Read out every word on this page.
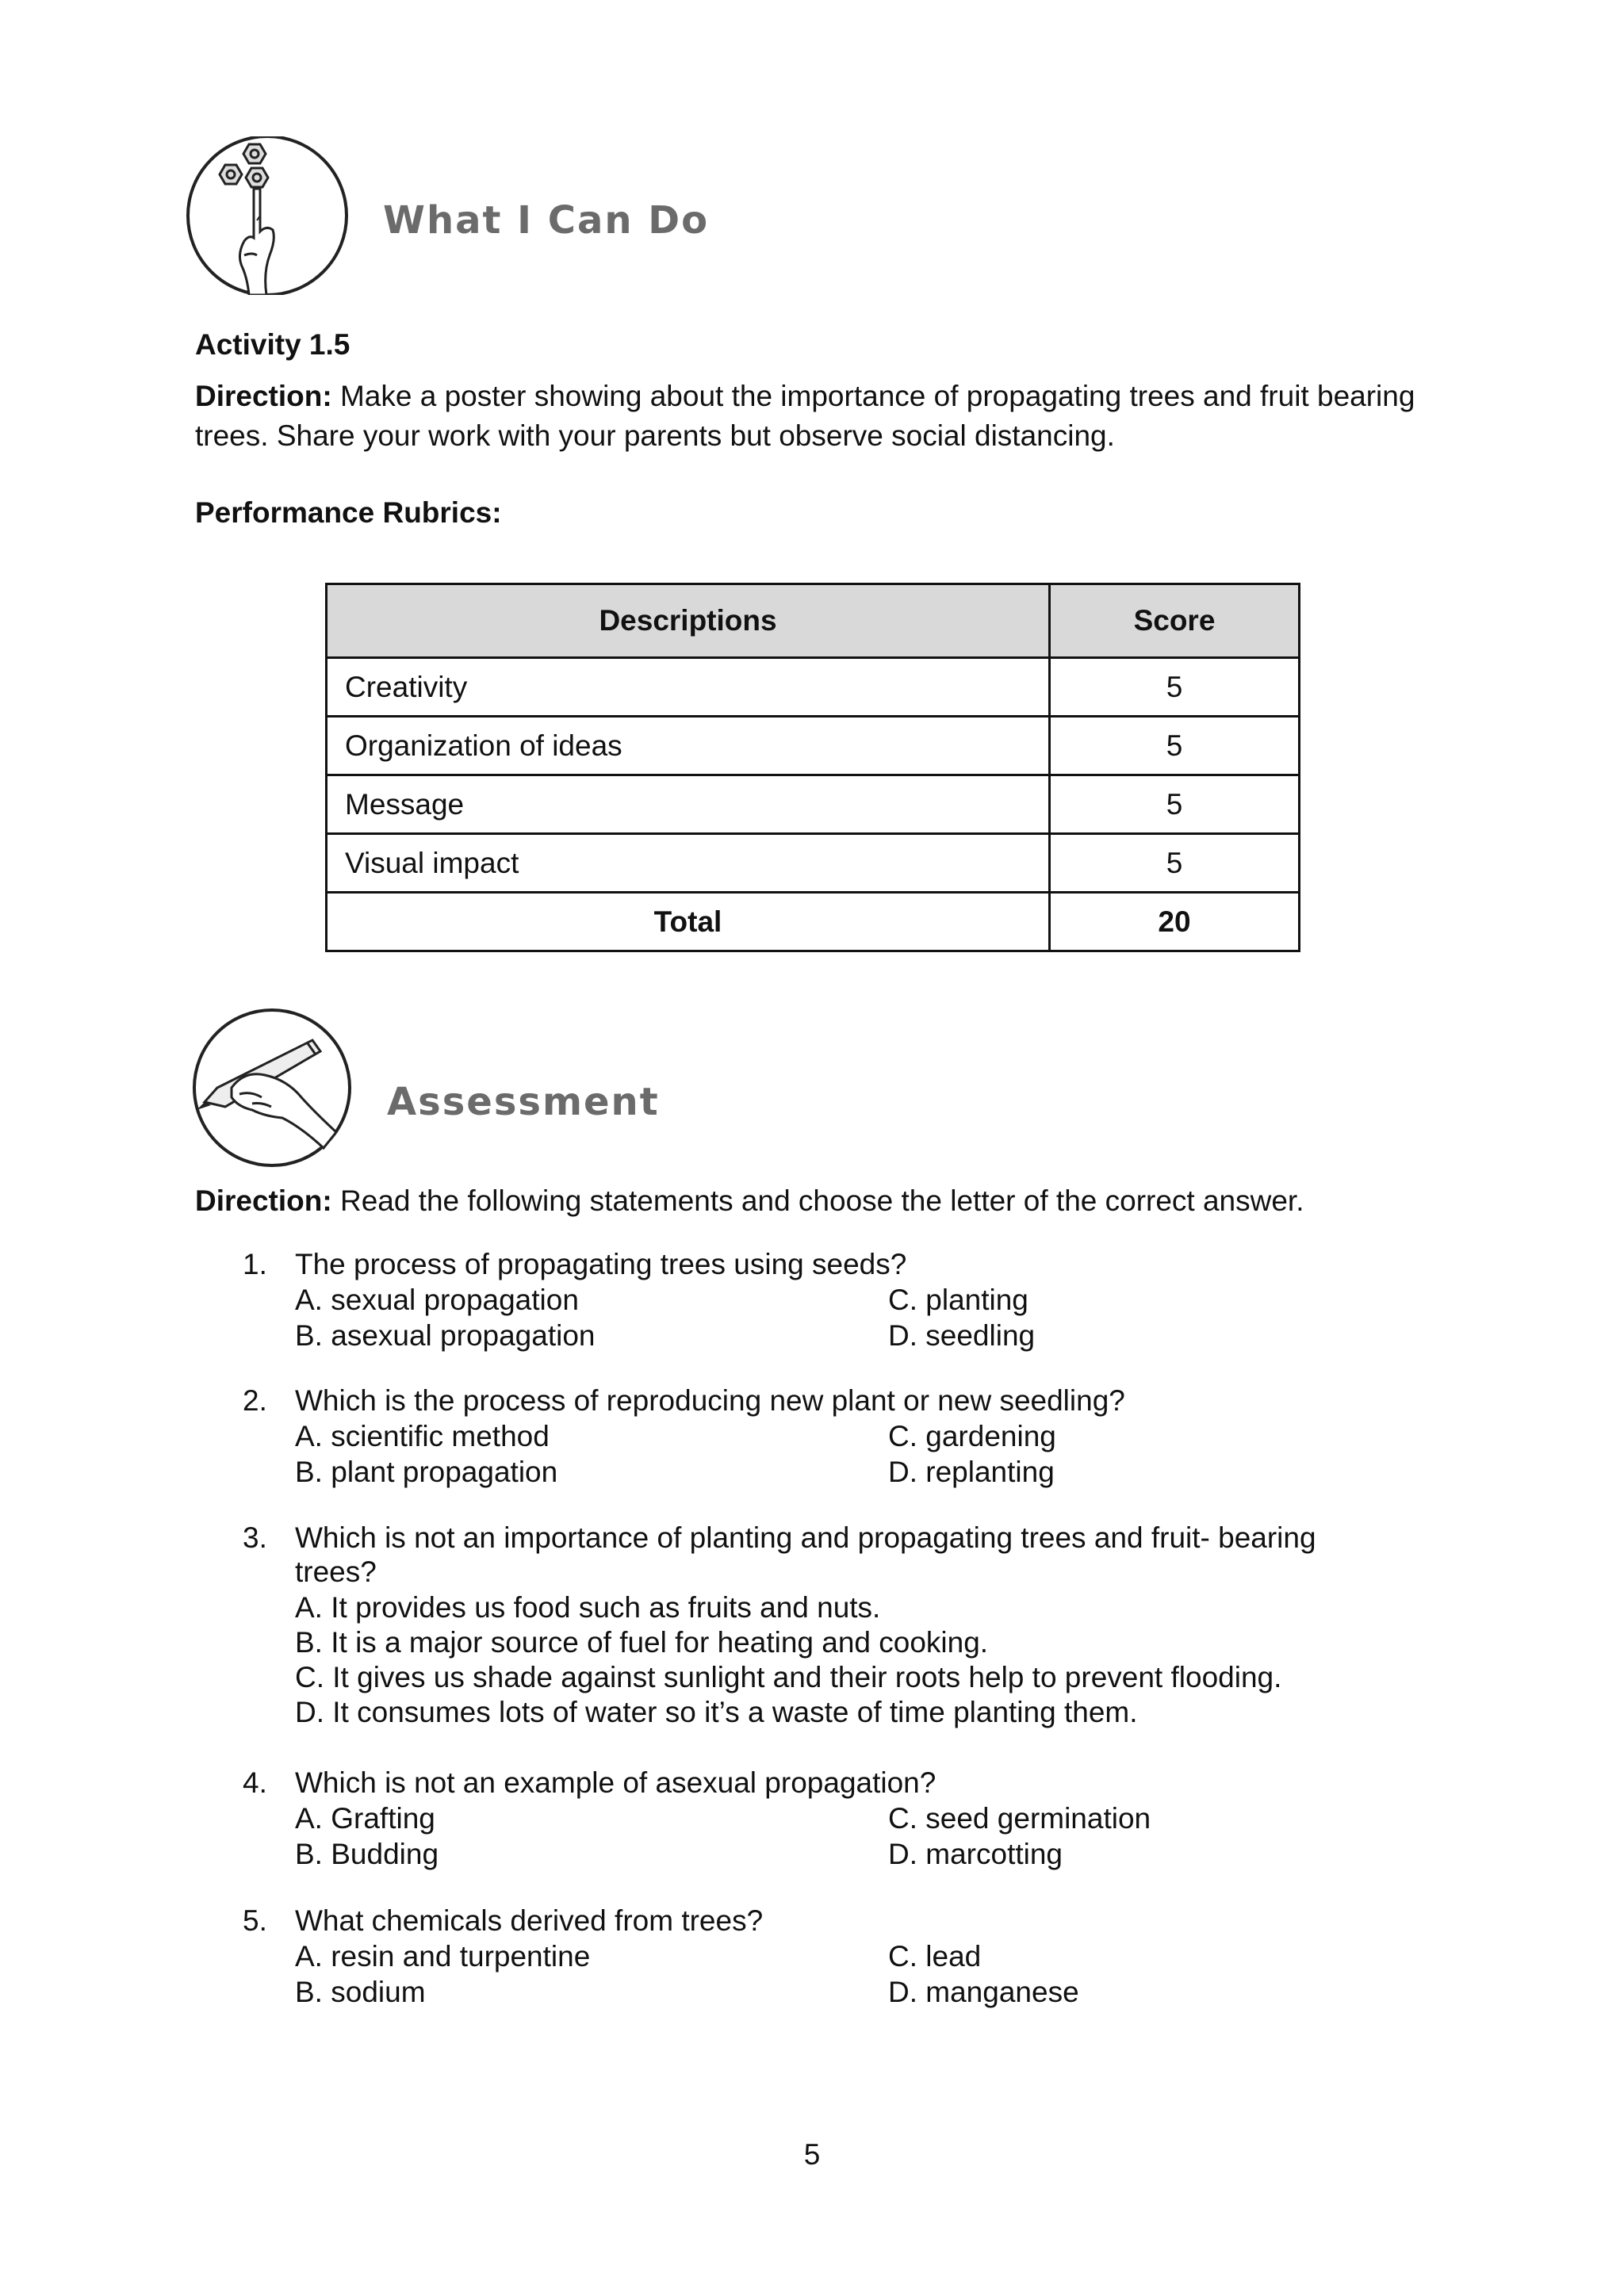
What I Can Do
Activity 1.5
Direction: Make a poster showing about the importance of propagating trees and fruit bearing trees. Share your work with your parents but observe social distancing.
Performance Rubrics:
Descriptions	Score
Creativity	5
Organization of ideas	5
Message	5
Visual impact	5
Total	20
Assessment
Direction: Read the following statements and choose the letter of the correct answer.
1. The process of propagating trees using seeds?
A. sexual propagation
B. asexual propagation
C. planting
D. seedling
2. Which is the process of reproducing new plant or new seedling?
A. scientific method
B. plant propagation
C. gardening
D. replanting
3. Which is not an importance of planting and propagating trees and fruit- bearing
trees?
A. It provides us food such as fruits and nuts.
B. It is a major source of fuel for heating and cooking.
C. It gives us shade against sunlight and their roots help to prevent flooding.
D. It consumes lots of water so it’s a waste of time planting them.
4. Which is not an example of asexual propagation?
A. Grafting
B. Budding
C. seed germination
D. marcotting
5. What chemicals derived from trees?
A. resin and turpentine
B. sodium
C. lead
D. manganese
5
